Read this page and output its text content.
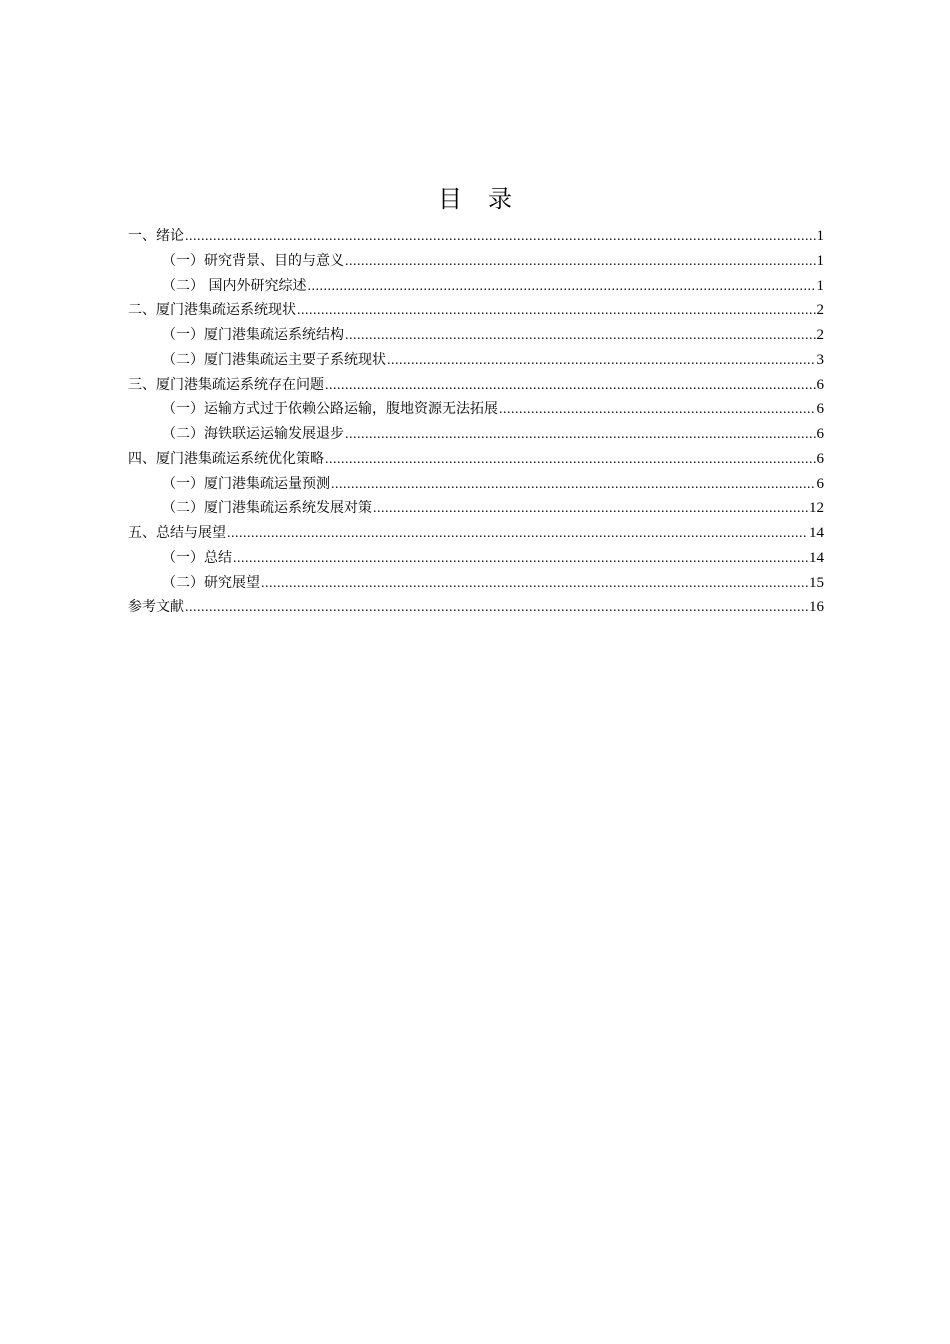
目录
一、绪论 .....	1
（一）研究背景、目的与意义 .....	1
（二） 国内外研究综述 .....	1
二、厦门港集疏运系统现状 .....	2
（一）厦门港集疏运系统结构 .....	2
（二）厦门港集疏运主要子系统现状 .....	3
三、厦门港集疏运系统存在问题 .....	6
（一）运输方式过于依赖公路运输，腹地资源无法拓展 .....	6
（二）海铁联运运输发展退步 .....	6
四、厦门港集疏运系统优化策略 .....	6
（一）厦门港集疏运量预测 .....	6
（二）厦门港集疏运系统发展对策 .....	12
五、总结与展望 .....	14
（一）总结 .....	14
（二）研究展望 .....	15
参考文献 .....	16
